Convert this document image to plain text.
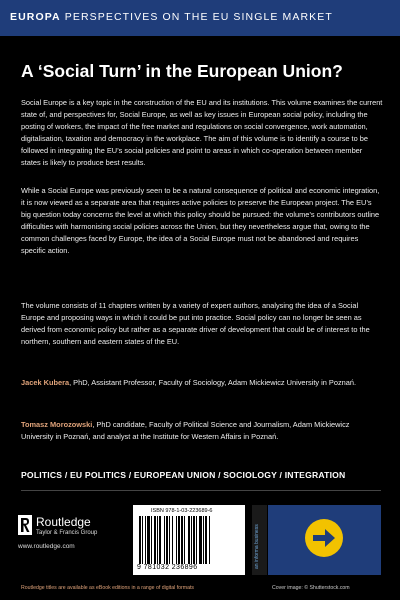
EUROPA PERSPECTIVES ON THE EU SINGLE MARKET
A ‘Social Turn’ in the European Union?

Social Europe is a key topic in the construction of the EU and its institutions. This volume examines the current state of, and perspectives for, Social Europe, as well as key issues in European social policy, including the posting of workers, the impact of the free market and regulations on social convergence, work automation, digitalisation, taxation and democracy in the workplace. The aim of this volume is to identify a course to be followed in integrating the EU’s social policies and point to areas in which co-operation between member states is likely to produce best results.

While a Social Europe was previously seen to be a natural consequence of political and economic integration, it is now viewed as a separate area that requires active policies to preserve the European project. The EU’s big question today concerns the level at which this policy should be pursued: the volume’s contributors outline difficulties with harmonising social policies across the Union, but they nevertheless argue that, owing to the common challenges faced by Europe, the idea of a Social Europe must not be abandoned and requires specific action.

The volume consists of 11 chapters written by a variety of expert authors, analysing the idea of a Social Europe and proposing ways in which it could be put into practice. Social policy can no longer be seen as derived from economic policy but rather as a separate driver of development that could be of interest to the northern, southern and eastern states of the EU.

Jacek Kubera, PhD, Assistant Professor, Faculty of Sociology, Adam Mickiewicz University in Poznań.

Tomasz Morozowski, PhD candidate, Faculty of Political Science and Journalism, Adam Mickiewicz University in Poznań, and analyst at the Institute for Western Affairs in Poznań.

POLITICS / EU POLITICS / EUROPEAN UNION / SOCIOLOGY / INTEGRATION
Routledge
Taylor & Francis Group
www.routledge.com
ISBN 978-1-03-223689-6
9 781032 236896	an informa business
Routledge titles are available as eBook editions in a range of digital formats	Cover image: © Shutterstock.com
